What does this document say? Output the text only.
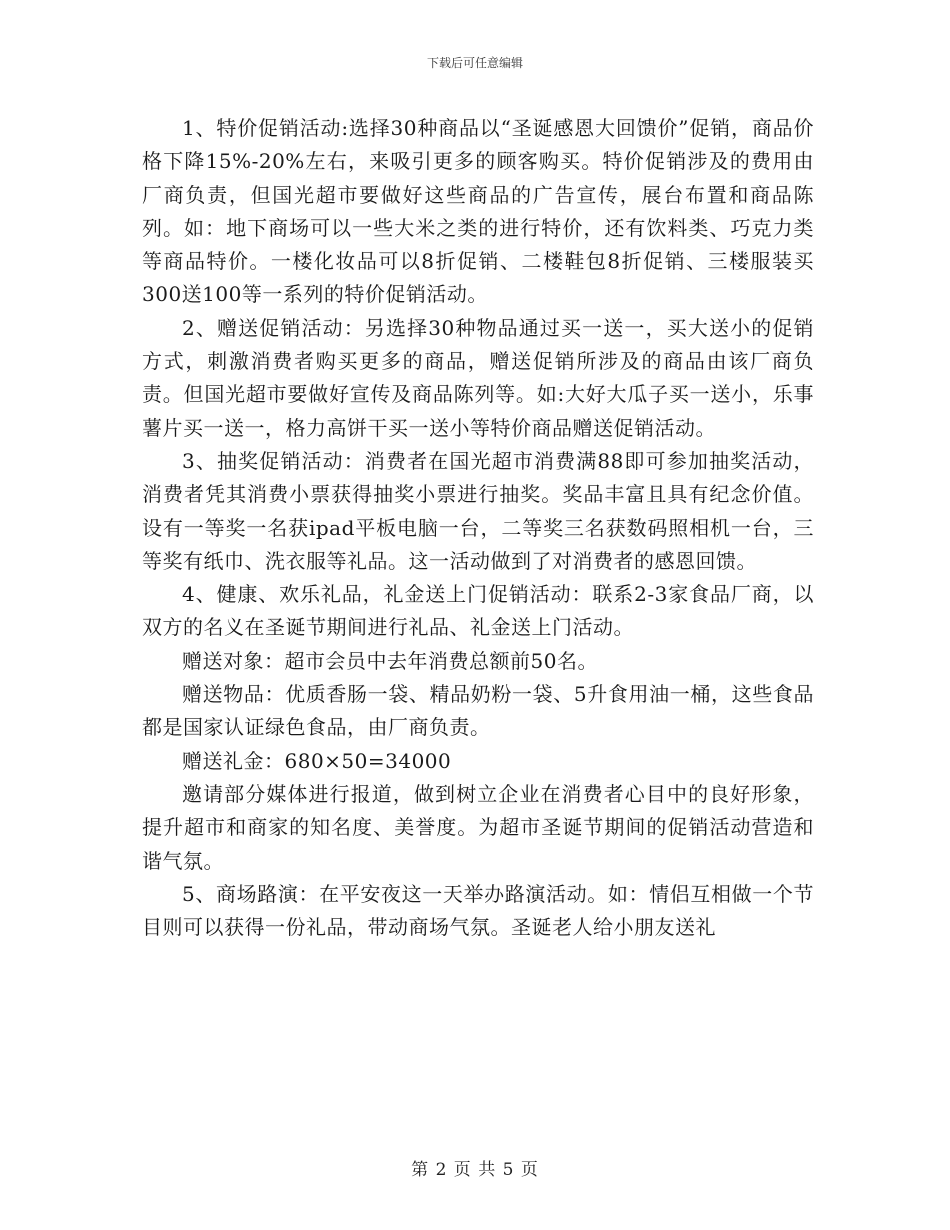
下载后可任意编辑

1、特价促销活动:选择30种商品以“圣诞感恩大回馈价”促销，商品价格下降15%-20%左右，来吸引更多的顾客购买。特价促销涉及的费用由厂商负责，但国光超市要做好这些商品的广告宣传，展台布置和商品陈列。如：地下商场可以一些大米之类的进行特价，还有饮料类、巧克力类等商品特价。一楼化妆品可以8折促销、二楼鞋包8折促销、三楼服装买300送100等一系列的特价促销活动。

2、赠送促销活动：另选择30种物品通过买一送一，买大送小的促销方式，刺激消费者购买更多的商品，赠送促销所涉及的商品由该厂商负责。但国光超市要做好宣传及商品陈列等。如:大好大瓜子买一送小，乐事薯片买一送一，格力高饼干买一送小等特价商品赠送促销活动。

3、抽奖促销活动：消费者在国光超市消费满88即可参加抽奖活动，消费者凭其消费小票获得抽奖小票进行抽奖。奖品丰富且具有纪念价值。设有一等奖一名获ipad平板电脑一台，二等奖三名获数码照相机一台，三等奖有纸巾、洗衣服等礼品。这一活动做到了对消费者的感恩回馈。

4、健康、欢乐礼品，礼金送上门促销活动：联系2-3家食品厂商，以双方的名义在圣诞节期间进行礼品、礼金送上门活动。

赠送对象：超市会员中去年消费总额前50名。

赠送物品：优质香肠一袋、精品奶粉一袋、5升食用油一桶，这些食品都是国家认证绿色食品，由厂商负责。

赠送礼金：680×50=34000

邀请部分媒体进行报道，做到树立企业在消费者心目中的良好形象，提升超市和商家的知名度、美誉度。为超市圣诞节期间的促销活动营造和谐气氛。

5、商场路演：在平安夜这一天举办路演活动。如：情侣互相做一个节目则可以获得一份礼品，带动商场气氛。圣诞老人给小朋友送礼

第 2 页 共 5 页
